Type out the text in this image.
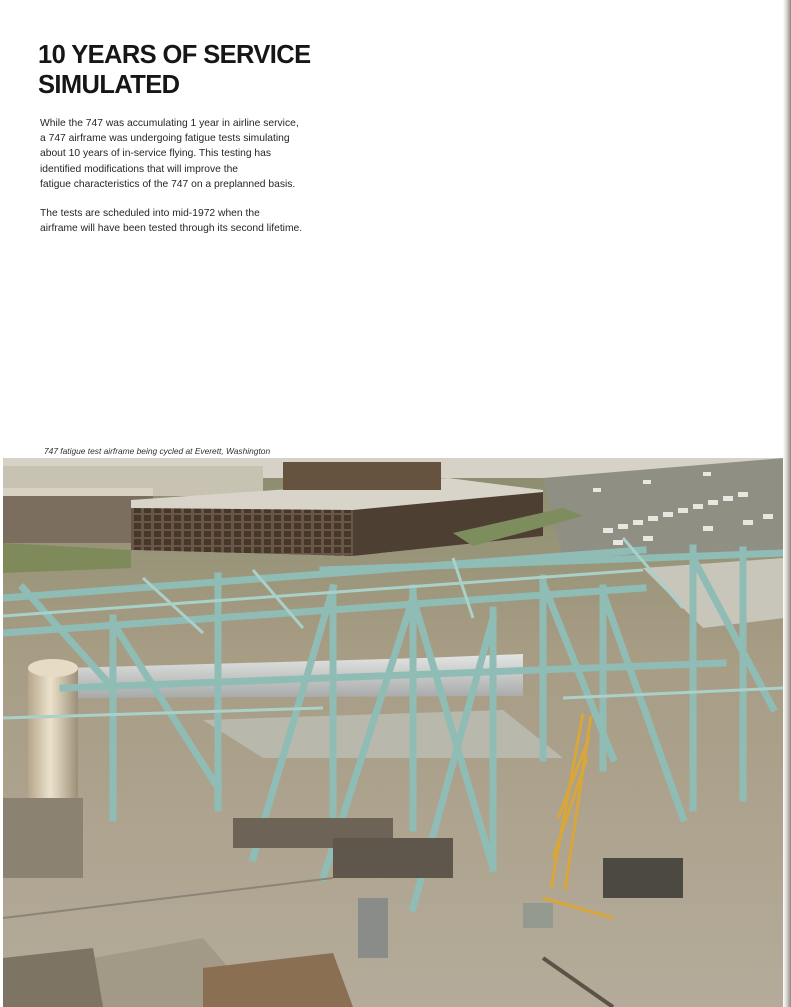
10 YEARS OF SERVICE
SIMULATED

While the 747 was accumulating 1 year in airline service,
a 747 airframe was undergoing fatigue tests simulating
about 10 years of in-service flying. This testing has
identified modifications that will improve the
fatigue characteristics of the 747 on a preplanned basis.

The tests are scheduled into mid-1972 when the
airframe will have been tested through its second lifetime.

747 fatigue test airframe being cycled at Everett, Washington
